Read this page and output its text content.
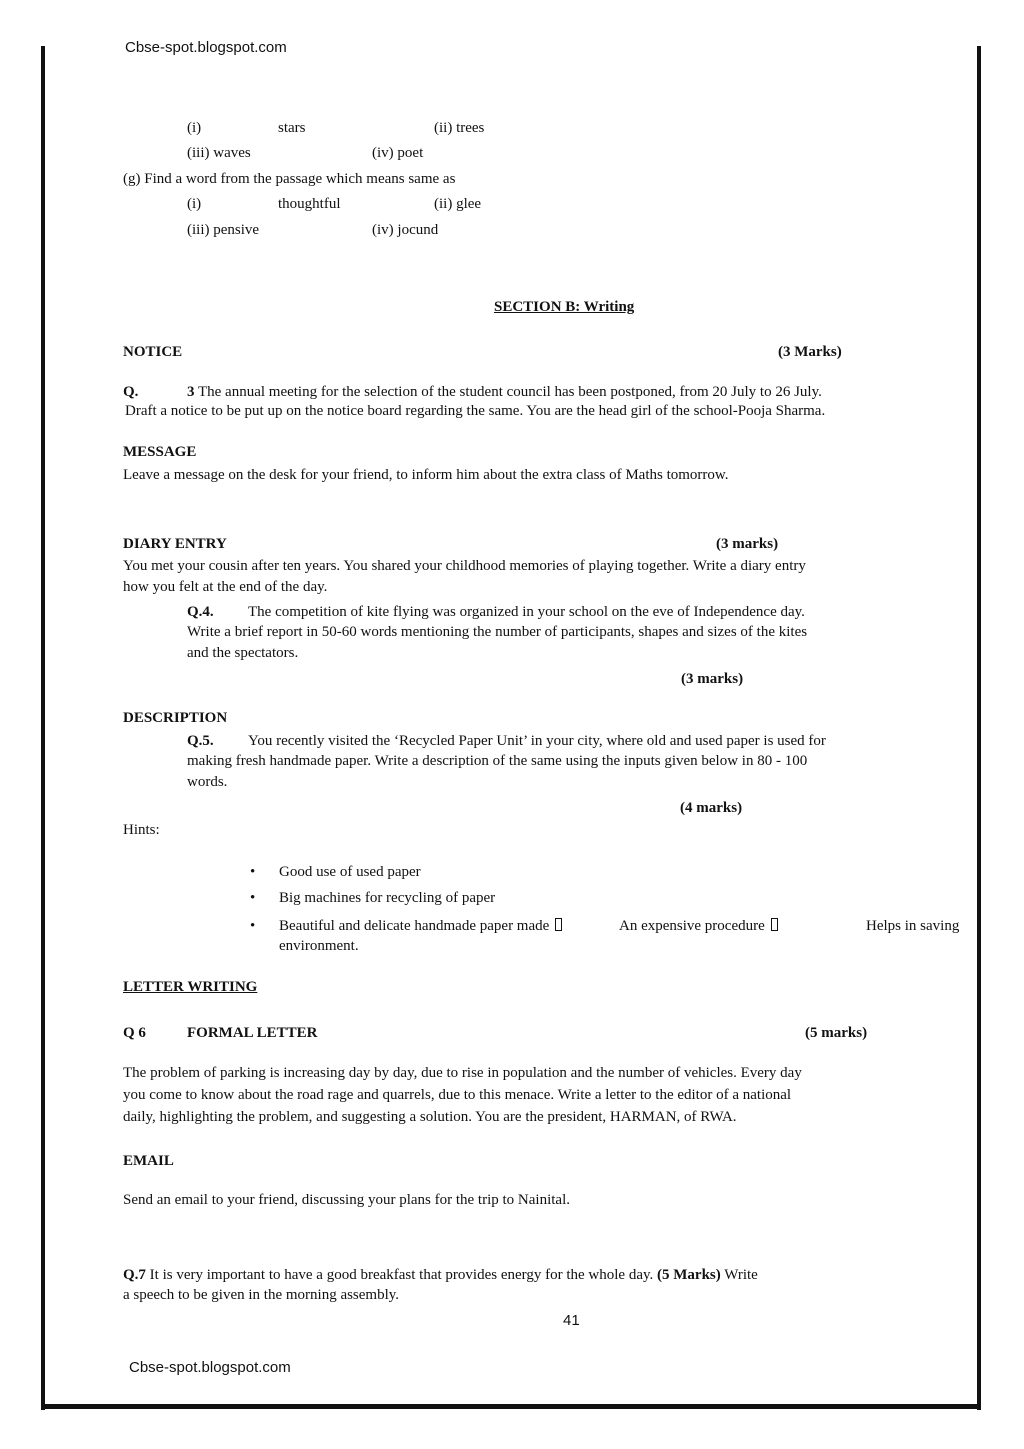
Cbse-spot.blogspot.com
(i)	stars	(ii) trees
(iii) waves	(iv) poet
(g) Find a word from the passage which means same as
(i)	thoughtful	(ii) glee
(iii) pensive	(iv) jocund
SECTION B: Writing
NOTICE	(3 Marks)
Q.	3 The annual meeting for the selection of the student council has been postponed, from 20 July to 26 July.
Draft a notice to be put up on the notice board regarding the same. You are the head girl of the school-Pooja Sharma.
MESSAGE
Leave a message on the desk for your friend, to inform him about the extra class of Maths tomorrow.
DIARY ENTRY	(3 marks)
You met your cousin after ten years. You shared your childhood memories of playing together. Write a diary entry
how you felt at the end of the day.
Q.4. The competition of kite flying was organized in your school on the eve of Independence day.
Write a brief report in 50-60 words mentioning the number of participants, shapes and sizes of the kites
and the spectators.
(3 marks)
DESCRIPTION
Q.5. You recently visited the ‘Recycled Paper Unit’ in your city, where old and used paper is used for
making fresh handmade paper. Write a description of the same using the inputs given below in 80 - 100
words.
(4 marks)
Hints:
• Good use of used paper
• Big machines for recycling of paper
• Beautiful and delicate handmade paper made	An expensive procedure	Helps in saving
environment.
LETTER WRITING
Q 6	FORMAL LETTER	(5 marks)
The problem of parking is increasing day by day, due to rise in population and the number of vehicles. Every day
you come to know about the road rage and quarrels, due to this menace. Write a letter to the editor of a national
daily, highlighting the problem, and suggesting a solution. You are the president, HARMAN, of RWA.
EMAIL
Send an email to your friend, discussing your plans for the trip to Nainital.
Q.7 It is very important to have a good breakfast that provides energy for the whole day. (5 Marks) Write
a speech to be given in the morning assembly.
41
Cbse-spot.blogspot.com
